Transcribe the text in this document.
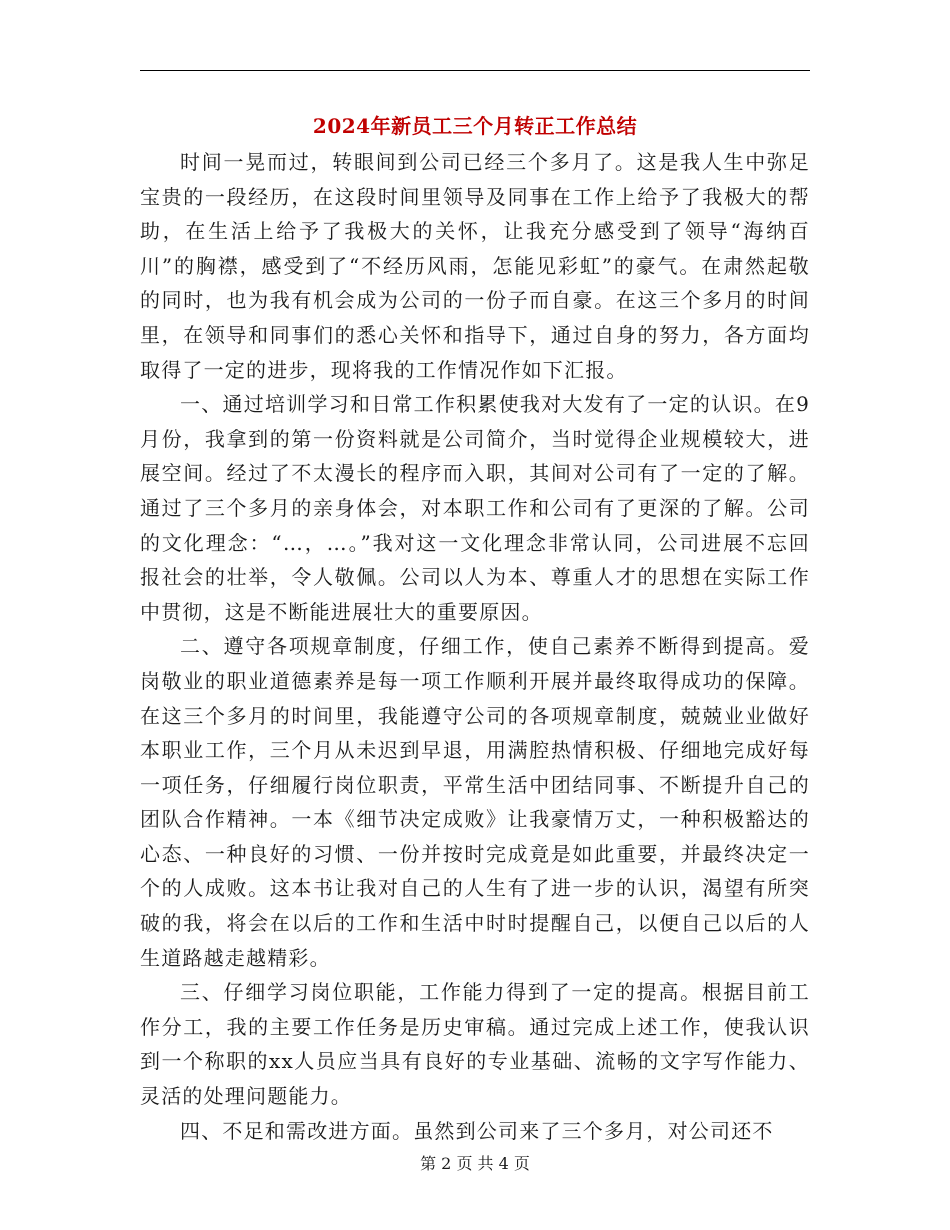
2024年新员工三个月转正工作总结

时间一晃而过，转眼间到公司已经三个多月了。这是我人生中弥足宝贵的一段经历，在这段时间里领导及同事在工作上给予了我极大的帮助，在生活上给予了我极大的关怀，让我充分感受到了领导“海纳百川”的胸襟，感受到了“不经历风雨，怎能见彩虹”的豪气。在肃然起敬的同时，也为我有机会成为公司的一份子而自豪。在这三个多月的时间里，在领导和同事们的悉心关怀和指导下，通过自身的努力，各方面均取得了一定的进步，现将我的工作情况作如下汇报。

一、通过培训学习和日常工作积累使我对大发有了一定的认识。在9月份，我拿到的第一份资料就是公司简介，当时觉得企业规模较大，进展空间。经过了不太漫长的程序而入职，其间对公司有了一定的了解。通过了三个多月的亲身体会，对本职工作和公司有了更深的了解。公司的文化理念：“…，…。”我对这一文化理念非常认同，公司进展不忘回报社会的壮举，令人敬佩。公司以人为本、尊重人才的思想在实际工作中贯彻，这是不断能进展壮大的重要原因。

二、遵守各项规章制度，仔细工作，使自己素养不断得到提高。爱岗敬业的职业道德素养是每一项工作顺利开展并最终取得成功的保障。在这三个多月的时间里，我能遵守公司的各项规章制度，兢兢业业做好本职业工作，三个月从未迟到早退，用满腔热情积极、仔细地完成好每一项任务，仔细履行岗位职责，平常生活中团结同事、不断提升自己的团队合作精神。一本《细节决定成败》让我豪情万丈，一种积极豁达的心态、一种良好的习惯、一份并按时完成竟是如此重要，并最终决定一个的人成败。这本书让我对自己的人生有了进一步的认识，渴望有所突破的我，将会在以后的工作和生活中时时提醒自己，以便自己以后的人生道路越走越精彩。

三、仔细学习岗位职能，工作能力得到了一定的提高。根据目前工作分工，我的主要工作任务是历史审稿。通过完成上述工作，使我认识到一个称职的xx人员应当具有良好的专业基础、流畅的文字写作能力、灵活的处理问题能力。

四、不足和需改进方面。虽然到公司来了三个多月，对公司还不

第 2 页 共 4 页
